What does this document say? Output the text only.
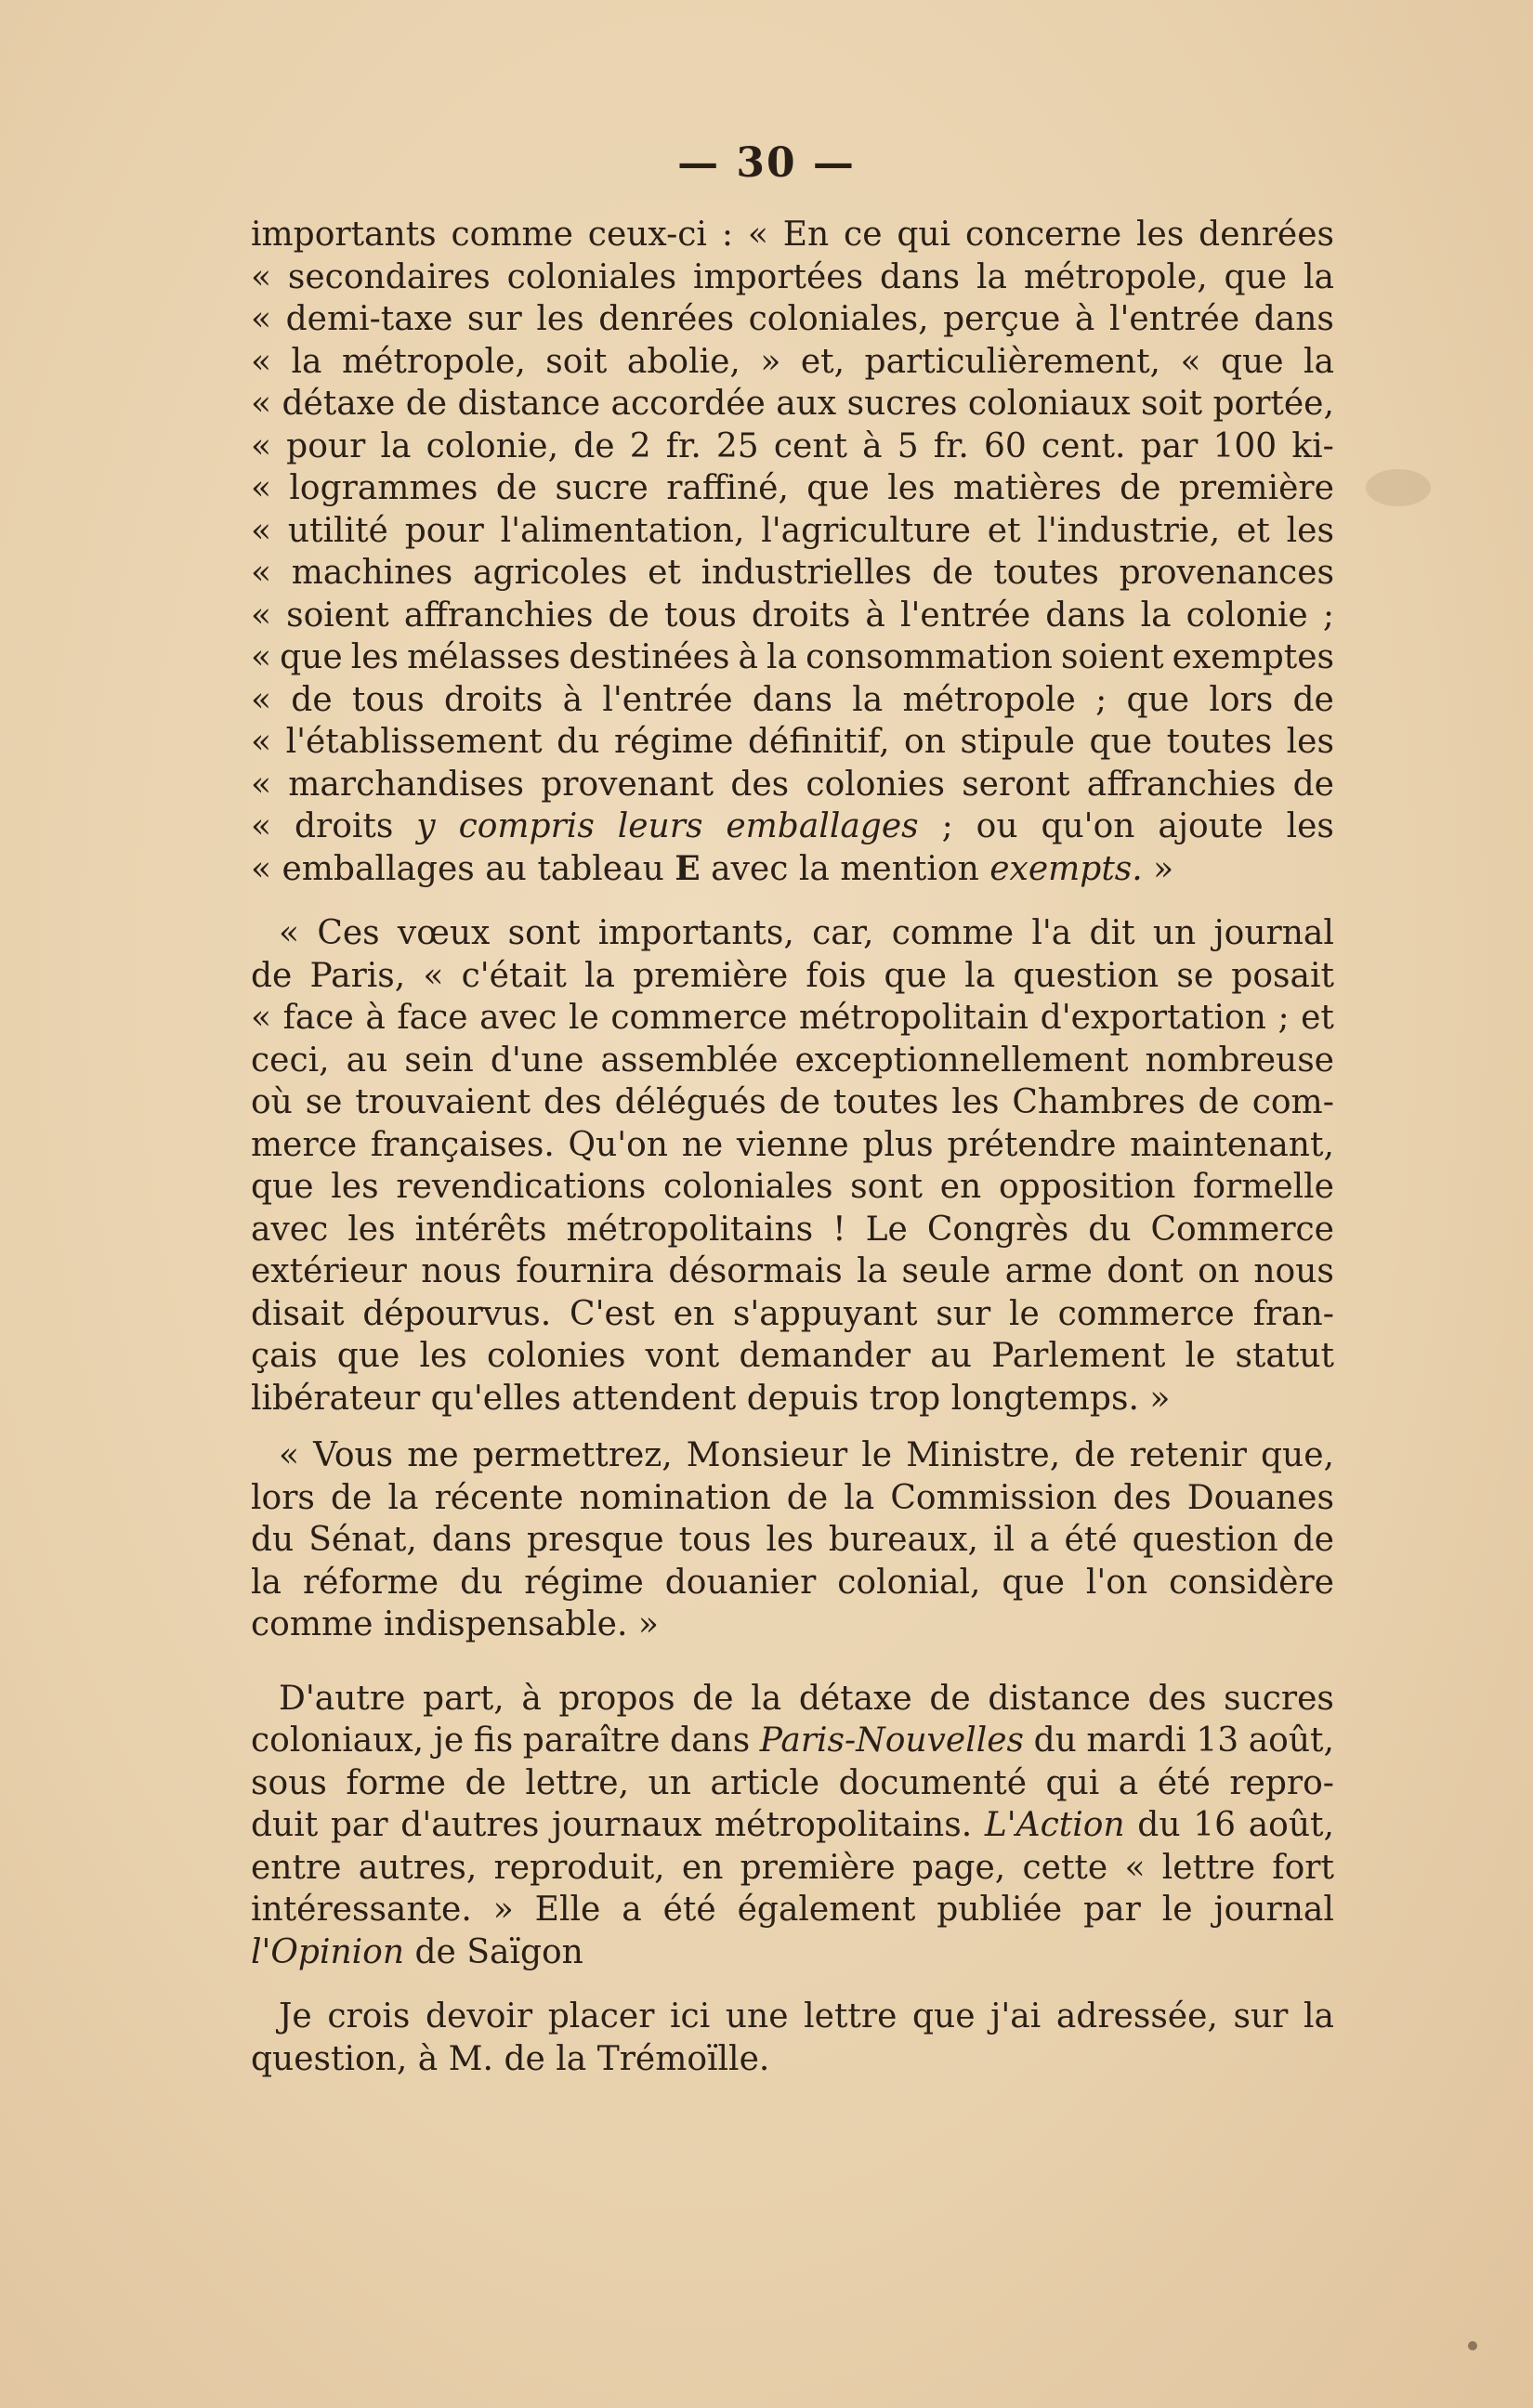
— 30 —
importants comme ceux-ci : « En ce qui concerne les denrées
« secondaires coloniales importées dans la métropole, que la
« demi-taxe sur les denrées coloniales, perçue à l'entrée dans
« la métropole, soit abolie, » et, particulièrement, « que la
« détaxe de distance accordée aux sucres coloniaux soit portée,
« pour la colonie, de 2 fr. 25 cent à 5 fr. 60 cent. par 100 ki-
« logrammes de sucre raffiné, que les matières de première
« utilité pour l'alimentation, l'agriculture et l'industrie, et les
« machines agricoles et industrielles de toutes provenances
« soient affranchies de tous droits à l'entrée dans la colonie ;
« que les mélasses destinées à la consommation soient exemptes
« de tous droits à l'entrée dans la métropole ; que lors de
« l'établissement du régime définitif, on stipule que toutes les
« marchandises provenant des colonies seront affranchies de
« droits y compris leurs emballages ; ou qu'on ajoute les
«
emballages
au
tableau
E
avec
la
mention
exempts.
»
« Ces vœux sont importants, car, comme l'a dit un journal
de Paris, « c'était la première fois que la question se posait
« face à face avec le commerce métropolitain d'exportation ; et
ceci, au sein d'une assemblée exceptionnellement nombreuse
où se trouvaient des délégués de toutes les Chambres de com-
merce françaises. Qu'on ne vienne plus prétendre maintenant,
que les revendications coloniales sont en opposition formelle
avec les intérêts métropolitains ! Le Congrès du Commerce
extérieur nous fournira désormais la seule arme dont on nous
disait dépourvus. C'est en s'appuyant sur le commerce fran-
çais que les colonies vont demander au Parlement le statut
libérateur
qu'elles
attendent
depuis
trop
longtemps.
»
« Vous me permettrez, Monsieur le Ministre, de retenir que,
lors de la récente nomination de la Commission des Douanes
du Sénat, dans presque tous les bureaux, il a été question de
la réforme du régime douanier colonial, que l'on considère
comme
indispensable.
»
D'autre part, à propos de la détaxe de distance des sucres
coloniaux, je fis paraître dans Paris-Nouvelles du mardi 13 août,
sous forme de lettre, un article documenté qui a été repro-
duit par d'autres journaux métropolitains. L'Action du 16 août,
entre autres, reproduit, en première page, cette « lettre fort
intéressante. » Elle a été également publiée par le journal
l'Opinion
de
Saïgon
Je crois devoir placer ici une lettre que j'ai adressée, sur la
question,
à
M.
de
la
Trémoïlle.
